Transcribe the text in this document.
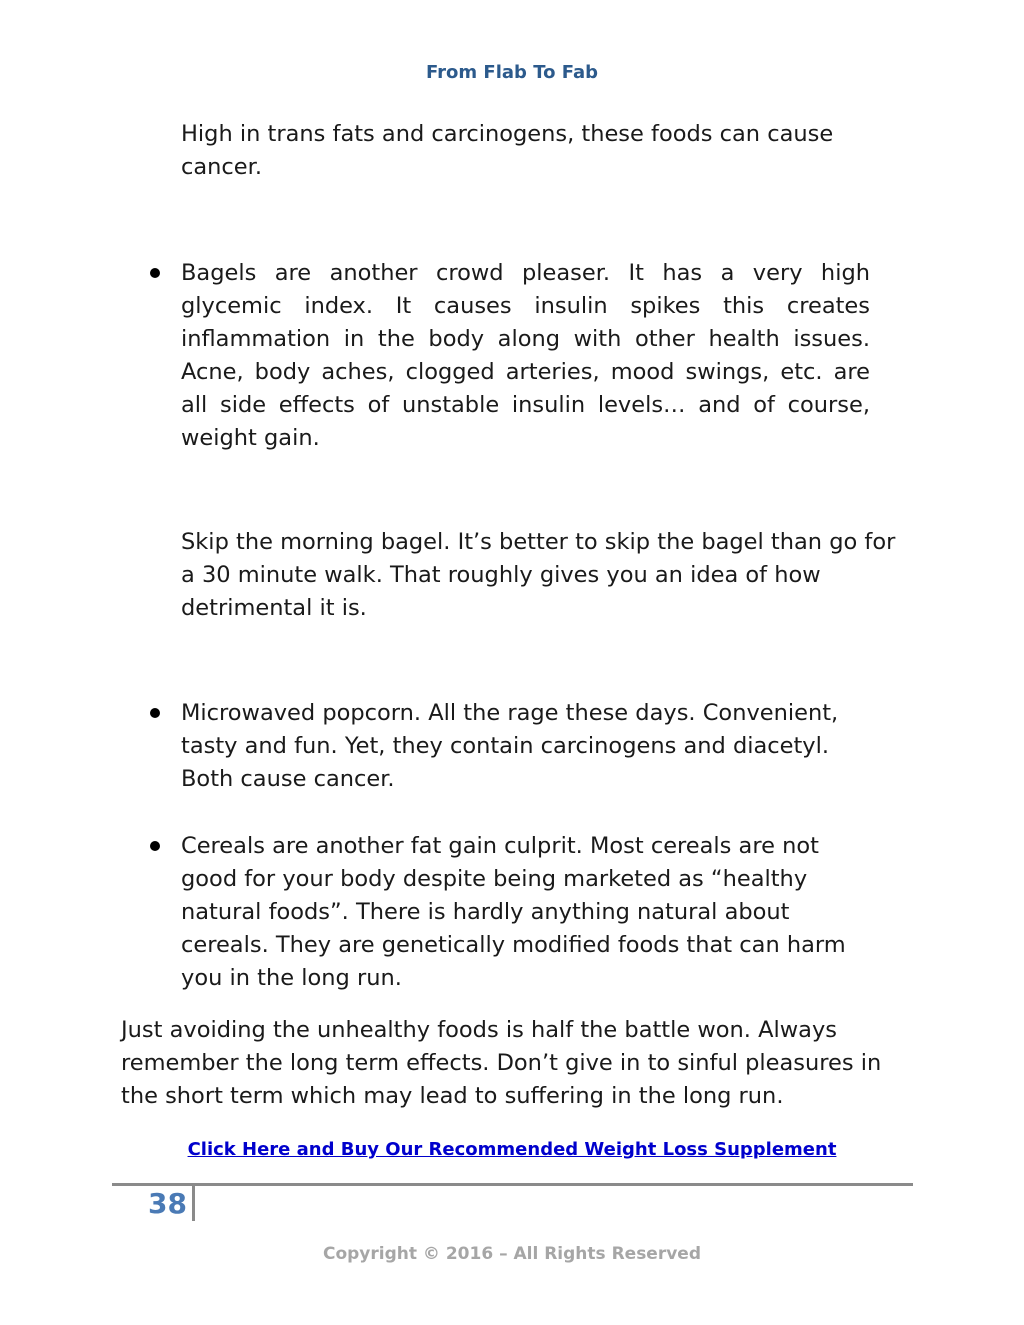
From Flab To Fab

High in trans fats and carcinogens, these foods can cause cancer.

Bagels are another crowd pleaser. It has a very high glycemic index. It causes insulin spikes this creates inflammation in the body along with other health issues. Acne, body aches, clogged arteries, mood swings, etc. are all side effects of unstable insulin levels… and of course, weight gain.

Skip the morning bagel. It’s better to skip the bagel than go for a 30 minute walk. That roughly gives you an idea of how detrimental it is.

Microwaved popcorn. All the rage these days. Convenient, tasty and fun. Yet, they contain carcinogens and diacetyl. Both cause cancer.

Cereals are another fat gain culprit. Most cereals are not good for your body despite being marketed as “healthy natural foods”. There is hardly anything natural about cereals. They are genetically modified foods that can harm you in the long run.

Just avoiding the unhealthy foods is half the battle won. Always remember the long term effects. Don’t give in to sinful pleasures in the short term which may lead to suffering in the long run.

Click Here and Buy Our Recommended Weight Loss Supplement
38
Copyright © 2016 – All Rights Reserved
